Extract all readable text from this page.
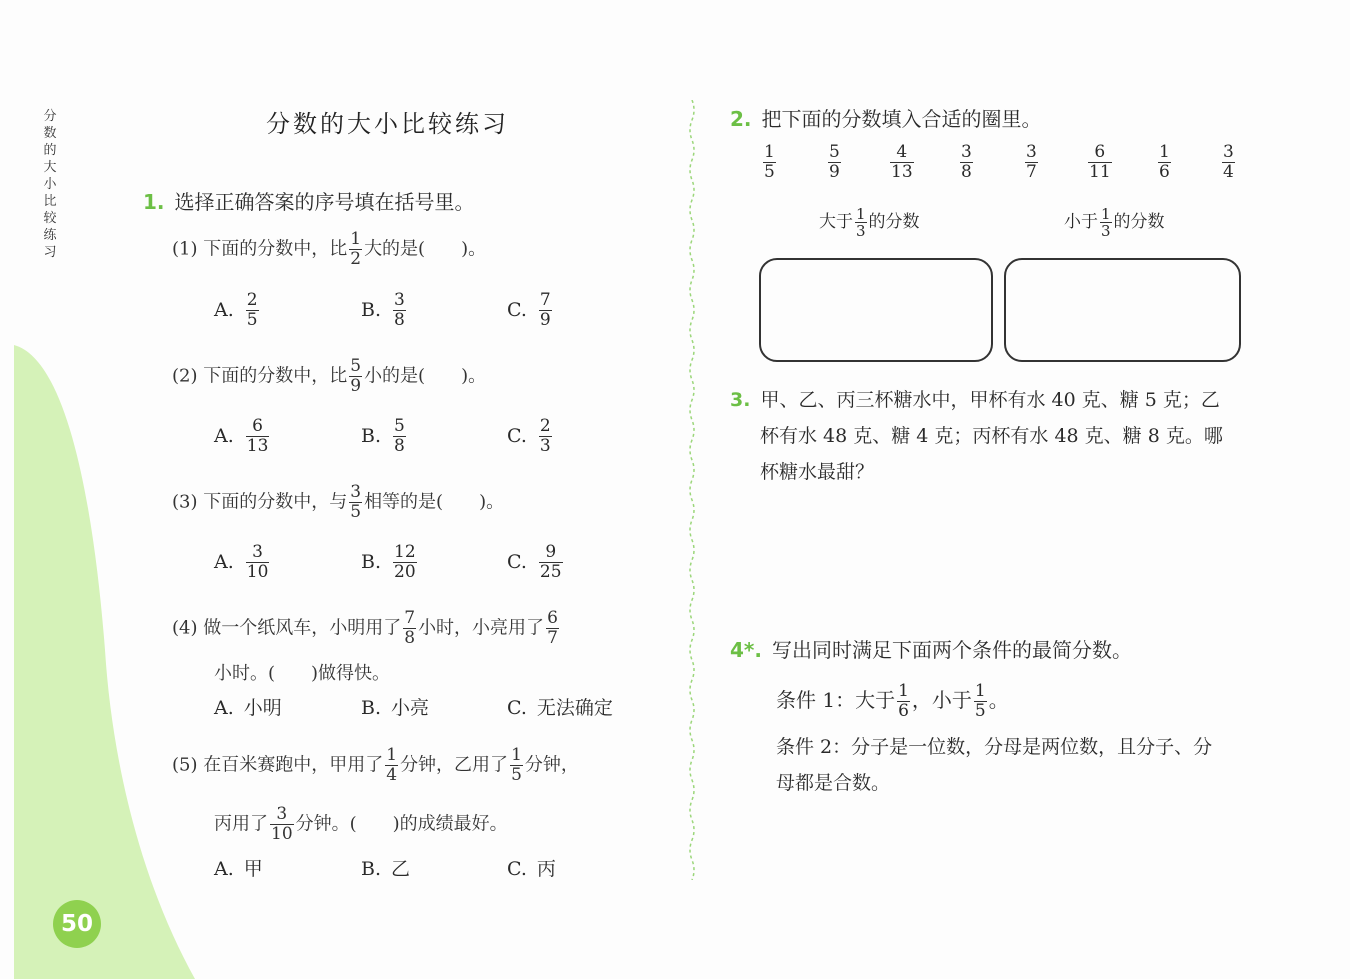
分
数
的
大
小
比
较
练
习
50
分数的大小比较练习
1. 选择正确答案的序号填在括号里。
(1) 下面的分数中，比 $\frac{1}{2}$ 大的是(　　)。
A. $\frac{2}{5}$	B. $\frac{3}{8}$	C. $\frac{7}{9}$
(2) 下面的分数中，比 $\frac{5}{9}$ 小的是(　　)。
A. $\frac{6}{13}$	B. $\frac{5}{8}$	C. $\frac{2}{3}$
(3) 下面的分数中，与 $\frac{3}{5}$ 相等的是(　　)。
A. $\frac{3}{10}$	B. $\frac{12}{20}$	C. $\frac{9}{25}$
(4) 做一个纸风车，小明用了 $\frac{7}{8}$ 小时，小亮用了 $\frac{6}{7}$
小时。(　　)做得快。
A. 小明	B. 小亮	C. 无法确定
(5) 在百米赛跑中，甲用了 $\frac{1}{4}$ 分钟，乙用了 $\frac{1}{5}$ 分钟，
丙用了 $\frac{3}{10}$ 分钟。(　　)的成绩最好。
A. 甲	B. 乙	C. 丙
2. 把下面的分数填入合适的圈里。
$\frac{1}{5}$	$\frac{5}{9}$	$\frac{4}{13}$	$\frac{3}{8}$	$\frac{3}{7}$	$\frac{6}{11}$	$\frac{1}{6}$	$\frac{3}{4}$
大于 $\frac{1}{3}$ 的分数	小于 $\frac{1}{3}$ 的分数
3. 甲、乙、丙三杯糖水中，甲杯有水 40 克、糖 5 克；乙
杯有水 48 克、糖 4 克；丙杯有水 48 克、糖 8 克。哪
杯糖水最甜？
4*. 写出同时满足下面两个条件的最简分数。
条件 1：大于 $\frac{1}{6}$ ，小于 $\frac{1}{5}$ 。
条件 2：分子是一位数，分母是两位数，且分子、分
母都是合数。
